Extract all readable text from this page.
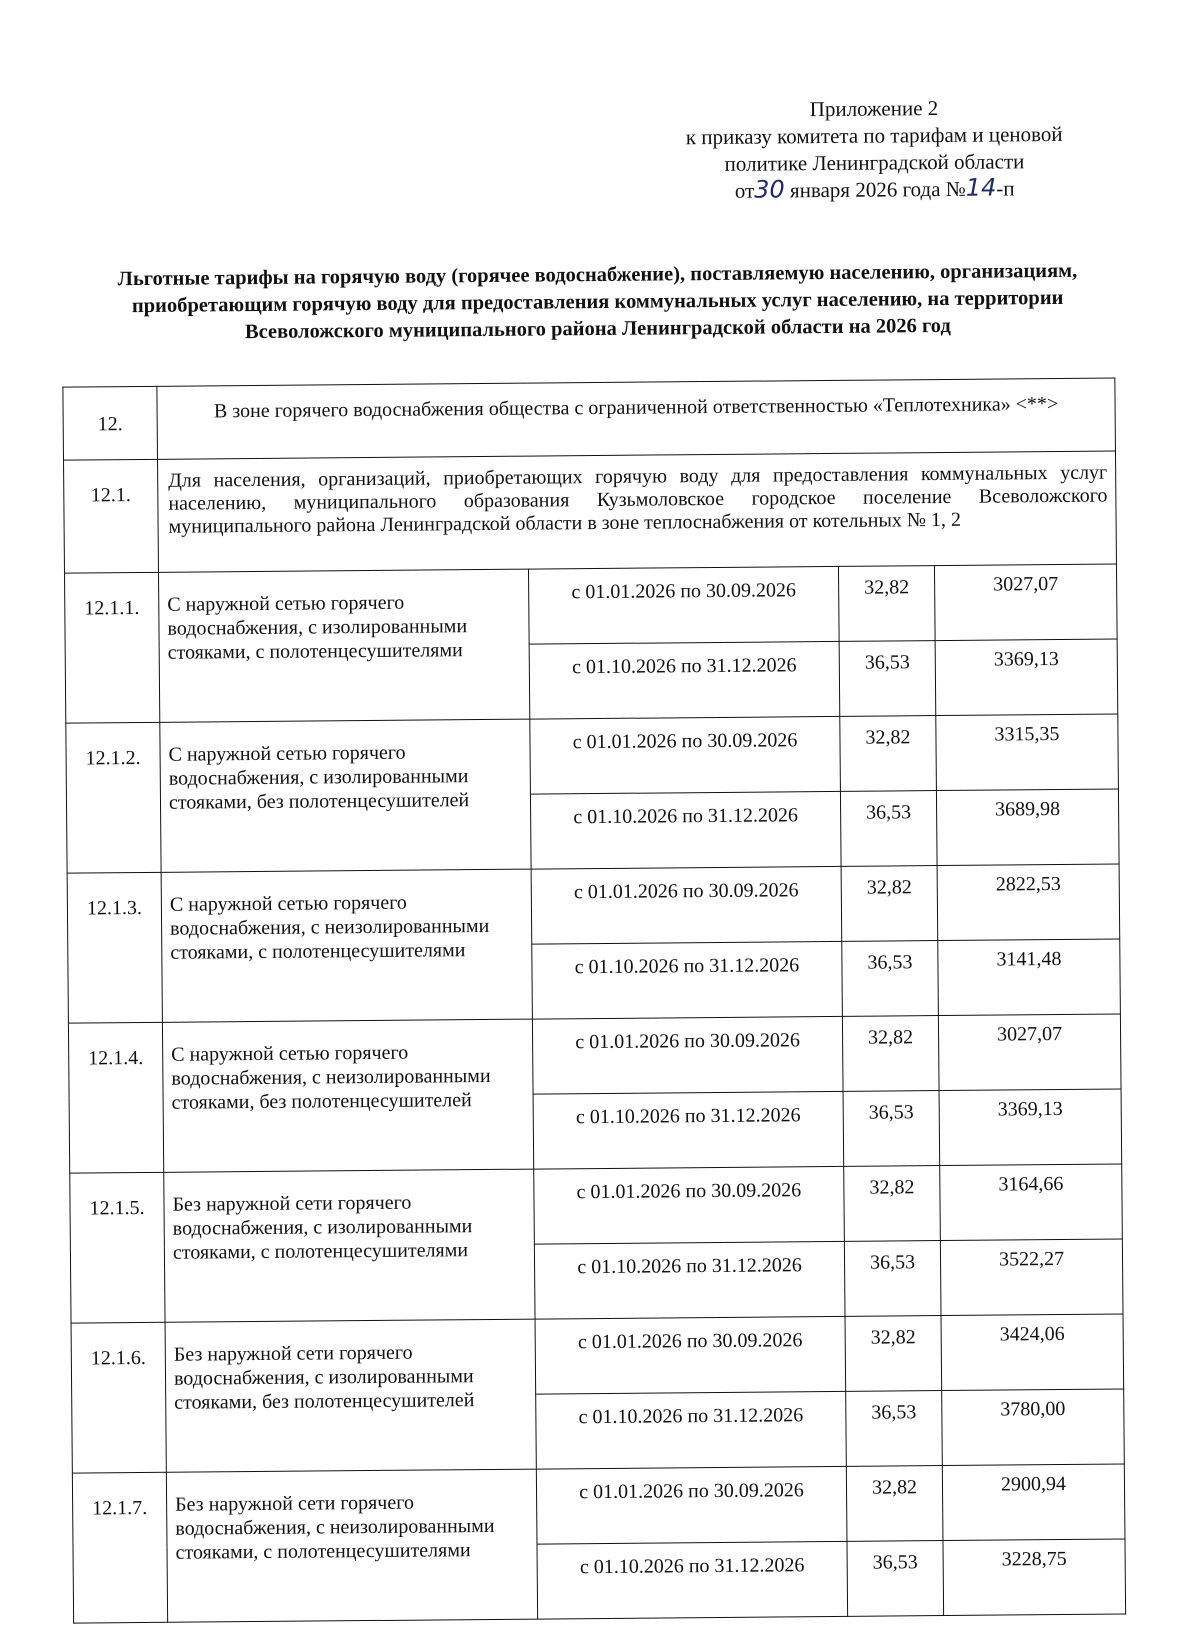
Приложение 2
к приказу комитета по тарифам и ценовой
политике Ленинградской области
от30 января 2026 года №14-п
Льготные тарифы на горячую воду (горячее водоснабжение), поставляемую населению, организациям, приобретающим горячую воду для предоставления коммунальных услуг населению, на территории Всеволожского муниципального района Ленинградской области на 2026 год
12.	В зоне горячего водоснабжения общества с ограниченной ответственностью «Теплотехника» <**>			
12.1.	Для населения, организаций, приобретающих горячую воду для предоставления коммунальных услуг населению, муниципального образования Кузьмоловское городское поселение Всеволожского муниципального района Ленинградской области в зоне теплоснабжения от котельных № 1, 2			
12.1.1.	С наружной сетью горячего водоснабжения, с изолированными стояками, с полотенцесушителями	с 01.01.2026 по 30.09.2026	32,82	3027,07
		с 01.10.2026 по 31.12.2026	36,53	3369,13
12.1.2.	С наружной сетью горячего водоснабжения, с изолированными стояками, без полотенцесушителей	с 01.01.2026 по 30.09.2026	32,82	3315,35
		с 01.10.2026 по 31.12.2026	36,53	3689,98
12.1.3.	С наружной сетью горячего водоснабжения, с неизолированными стояками, с полотенцесушителями	с 01.01.2026 по 30.09.2026	32,82	2822,53
		с 01.10.2026 по 31.12.2026	36,53	3141,48
12.1.4.	С наружной сетью горячего водоснабжения, с неизолированными стояками, без полотенцесушителей	с 01.01.2026 по 30.09.2026	32,82	3027,07
		с 01.10.2026 по 31.12.2026	36,53	3369,13
12.1.5.	Без наружной сети горячего водоснабжения, с изолированными стояками, с полотенцесушителями	с 01.01.2026 по 30.09.2026	32,82	3164,66
		с 01.10.2026 по 31.12.2026	36,53	3522,27
12.1.6.	Без наружной сети горячего водоснабжения, с изолированными стояками, без полотенцесушителей	с 01.01.2026 по 30.09.2026	32,82	3424,06
		с 01.10.2026 по 31.12.2026	36,53	3780,00
12.1.7.	Без наружной сети горячего водоснабжения, с неизолированными стояками, с полотенцесушителями	с 01.01.2026 по 30.09.2026	32,82	2900,94
		с 01.10.2026 по 31.12.2026	36,53	3228,75
